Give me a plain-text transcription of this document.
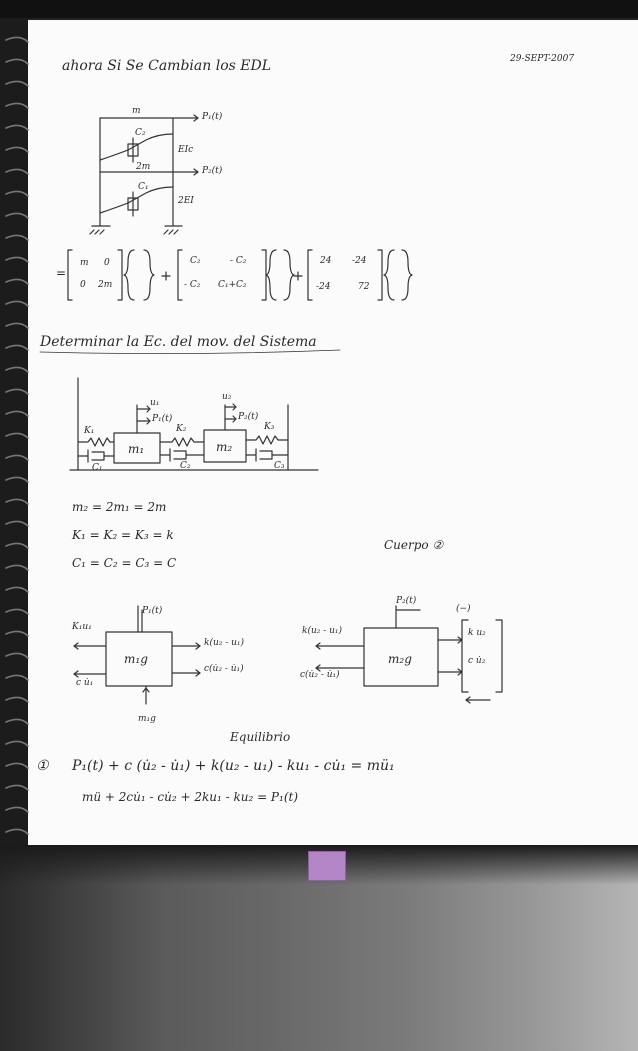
ahora Si Se Cambian los EDL	29-SEPT-2007
m
P₁(t)
C₂
EIc
2m	P₂(t)
C₁
2EI
=
m 0
0 2m
C₂	- C₂
- C₂ C₁+C₂
24 -24
-24	72
Determinar la Ec. del mov. del Sistema
u₁
P₁(t)
u₂
P₂(t)
K₁	K₂	K₃
m₁	m₂
C₁	C₂	C₃
m₂ = 2m₁ = 2m
K₁ = K₂ = K₃ = k
C₁ = C₂ = C₃ = C
Cuerpo ②
P₁(t)
K₁u₁
c u̇₁
m₁g
k(u₂ - u₁)
c(u̇₂ - u̇₁)
m₁g
P₂(t)
(−)
k(u₂ - u₁)
c(u̇₂ - u̇₁)
m₂g
k u₂
c u̇₂
Equilibrio
① P₁(t) + c (u̇₂ - u̇₁) + k(u₂ - u₁) - ku₁ - cu̇₁ = mü₁
mü + 2cu̇₁ - cu̇₂ + 2ku₁ - ku₂ = P₁(t)
